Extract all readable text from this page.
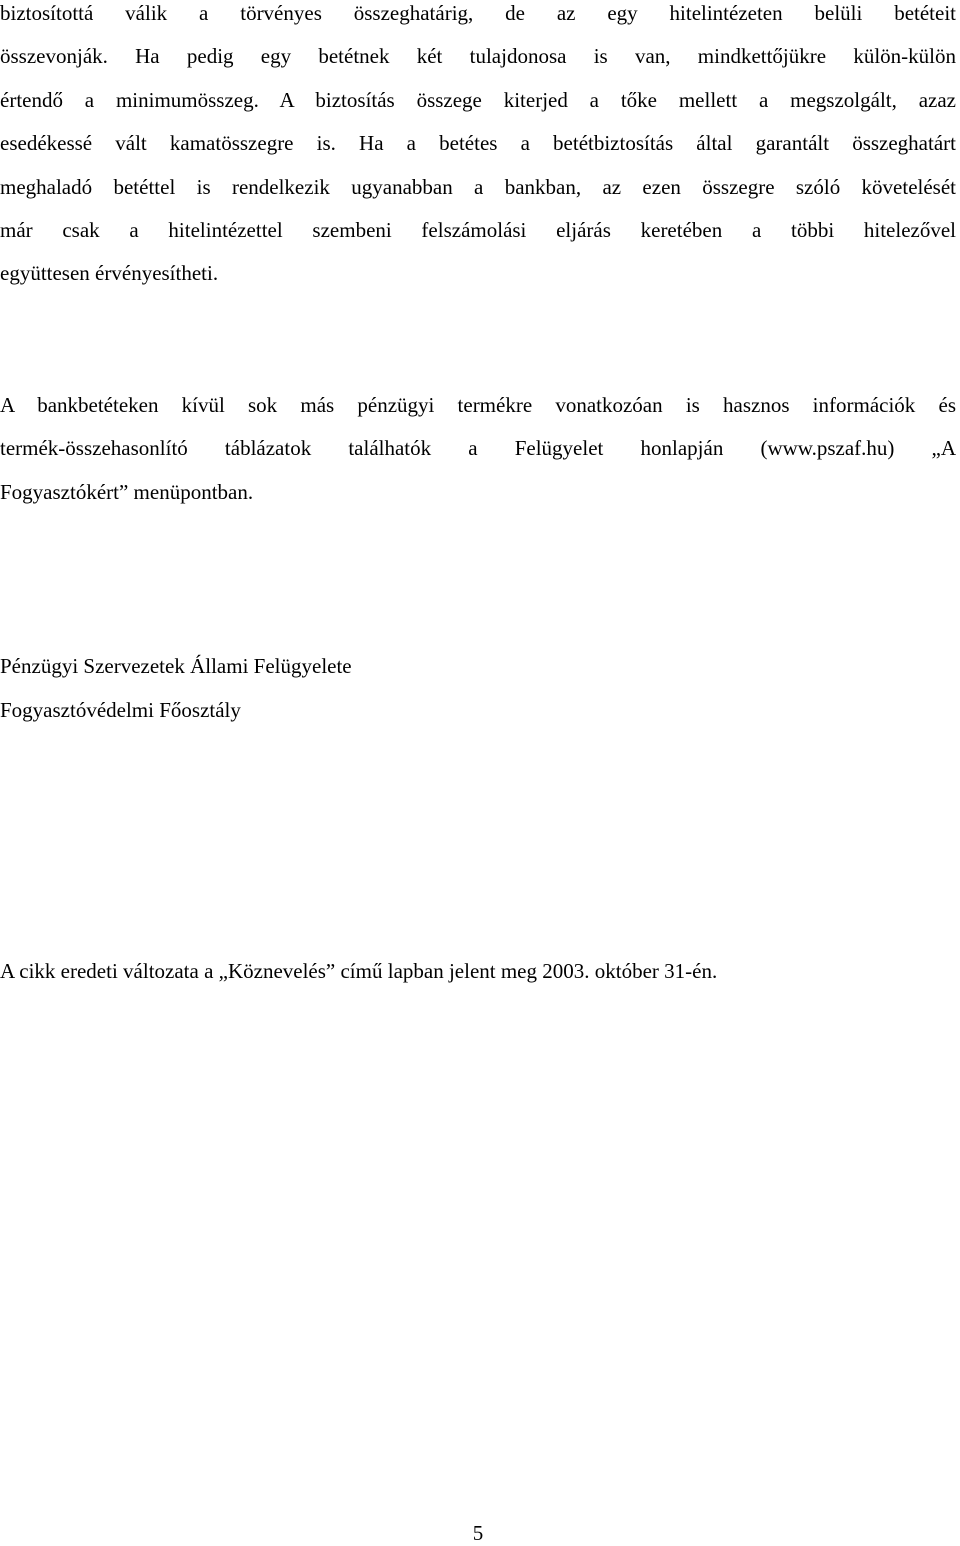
biztosítottá válik a törvényes összeghatárig, de az egy hitelintézeten belüli betéteit
összevonják. Ha pedig egy betétnek két tulajdonosa is van, mindkettőjükre külön-külön
értendő a minimumösszeg. A biztosítás összege kiterjed a tőke mellett a megszolgált, azaz
esedékessé vált kamatösszegre is. Ha a betétes a betétbiztosítás által garantált összeghatárt
meghaladó betéttel is rendelkezik ugyanabban a bankban, az ezen összegre szóló követelését
már csak a hitelintézettel szembeni felszámolási eljárás keretében a többi hitelezővel
együttesen érvényesítheti.
A bankbetéteken kívül sok más pénzügyi termékre vonatkozóan is hasznos információk és
termék-összehasonlító táblázatok találhatók a Felügyelet honlapján (www.pszaf.hu) „A
Fogyasztókért” menüpontban.
Pénzügyi Szervezetek Állami Felügyelete
Fogyasztóvédelmi Főosztály
A cikk eredeti változata a „Köznevelés” című lapban jelent meg 2003. október 31-én.
5
